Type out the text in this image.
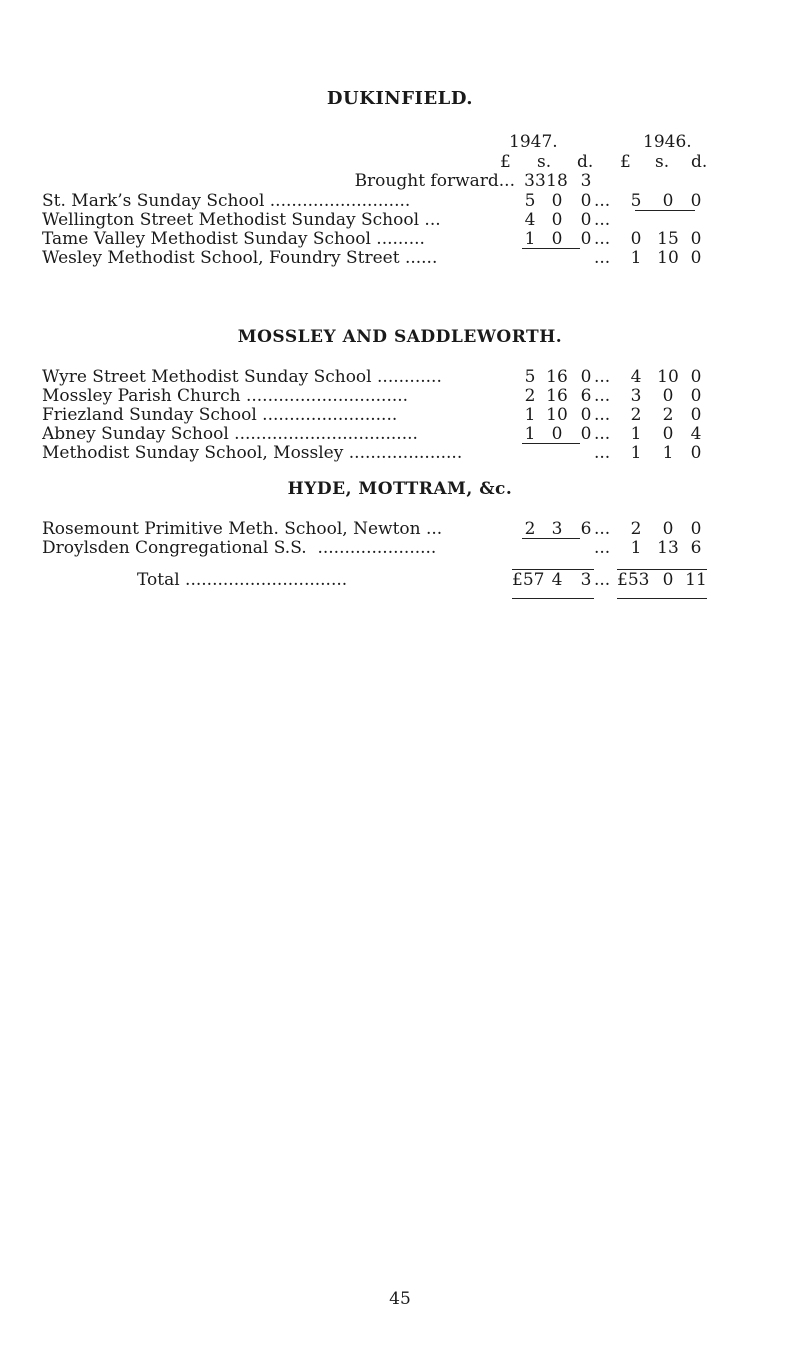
DUKINFIELD.
1947.	1946.
£ s. d. £ s. d.
Brought forward... 33 18 3
St. Mark’s Sunday School ..........................	5 0	0 ...	5	0	0
Wellington Street Methodist Sunday School ...	4 0	0 ...
Tame Valley Methodist Sunday School .........	1 0	0 ...	0 15 0
Wesley Methodist School, Foundry Street ......	...	1 10 0
MOSSLEY AND SADDLEWORTH.
Wyre Street Methodist Sunday School ............	5 16 0 ...	4 10 0
Mossley Parish Church ..............................	2 16 6 ...	3	0	0
Friezland Sunday School .........................	1 10 0 ...	2	2	0
Abney Sunday School ..................................	1 0	0 ...	1	0	4
Methodist Sunday School, Mossley .....................	...	1	1	0
HYDE, MOTTRAM, &c.
Rosemount Primitive Meth. School, Newton ...	2 3	6 ...	2	0	0
Droylsden Congregational S.S.  ......................	...	1 13 6
Total ..............................	£57 4	3 ... £53 0 11
45
